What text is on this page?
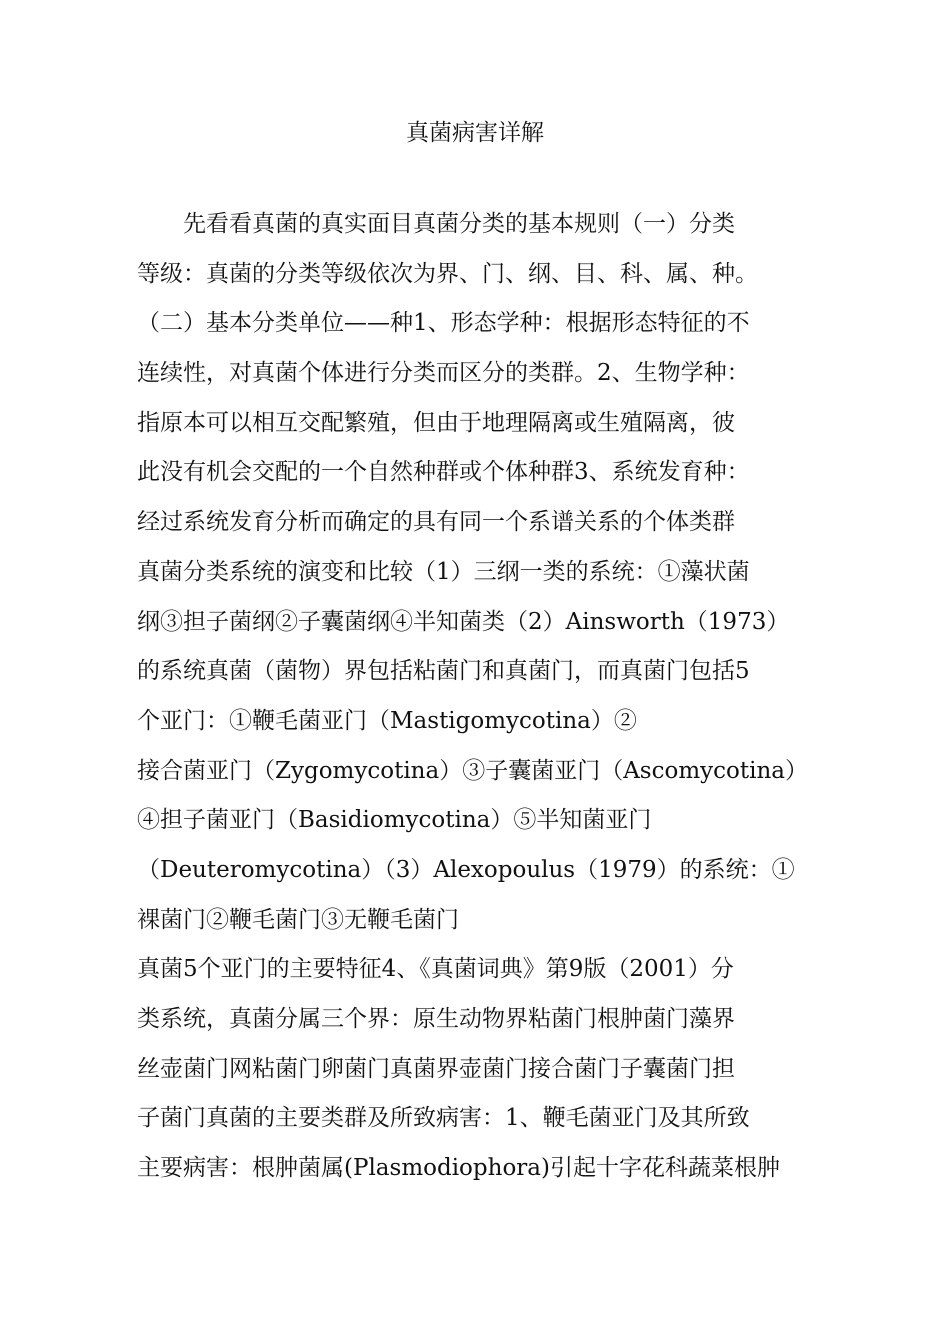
真菌病害详解
　　先看看真菌的真实面目真菌分类的基本规则（一）分类
等级：真菌的分类等级依次为界、门、纲、目、科、属、种。
（二）基本分类单位——种1、形态学种：根据形态特征的不
连续性，对真菌个体进行分类而区分的类群。2、生物学种：
指原本可以相互交配繁殖，但由于地理隔离或生殖隔离，彼
此没有机会交配的一个自然种群或个体种群3、系统发育种：
经过系统发育分析而确定的具有同一个系谱关系的个体类群
真菌分类系统的演变和比较（1）三纲一类的系统：①藻状菌
纲③担子菌纲②子囊菌纲④半知菌类（2）Ainsworth（1973）
的系统真菌（菌物）界包括粘菌门和真菌门，而真菌门包括5
个亚门：①鞭毛菌亚门（Mastigomycotina）②
接合菌亚门（Zygomycotina）③子囊菌亚门（Ascomycotina）
④担子菌亚门（Basidiomycotina）⑤半知菌亚门
（Deuteromycotina）（3）Alexopoulus（1979）的系统：①
裸菌门②鞭毛菌门③无鞭毛菌门
真菌5个亚门的主要特征4、《真菌词典》第9版（2001）分
类系统，真菌分属三个界：原生动物界粘菌门根肿菌门藻界
丝壶菌门网粘菌门卵菌门真菌界壶菌门接合菌门子囊菌门担
子菌门真菌的主要类群及所致病害：1、鞭毛菌亚门及其所致
主要病害：根肿菌属(Plasmodiophora)引起十字花科蔬菜根肿
